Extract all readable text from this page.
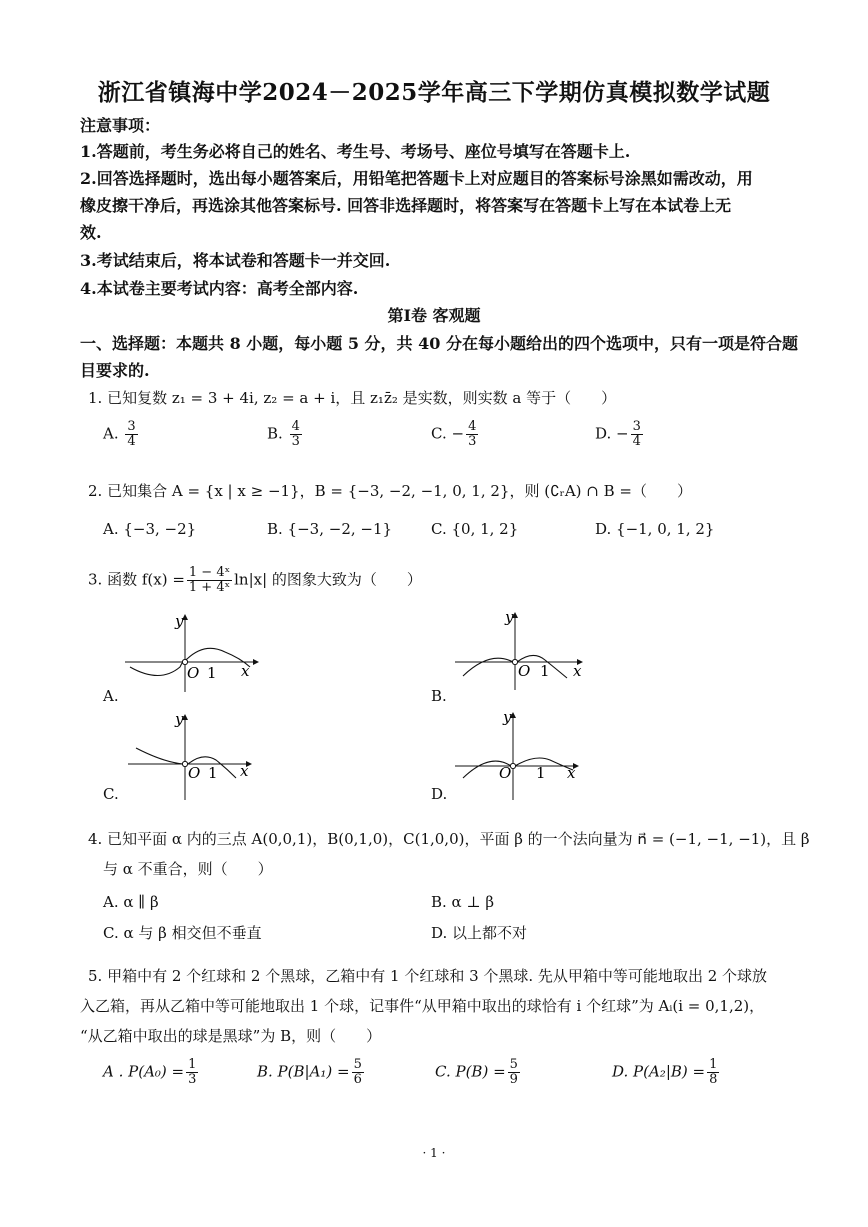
浙江省镇海中学2024－2025学年高三下学期仿真模拟数学试题
注意事项：
1.答题前，考生务必将自己的姓名、考生号、考场号、座位号填写在答题卡上.
2.回答选择题时，选出每小题答案后，用铅笔把答题卡上对应题目的答案标号涂黑如需改动，用
橡皮擦干净后，再选涂其他答案标号. 回答非选择题时，将答案写在答题卡上写在本试卷上无
效.
3.考试结束后，将本试卷和答题卡一并交回.
4.本试卷主要考试内容：高考全部内容.
第Ⅰ卷 客观题
一、选择题：本题共 8 小题，每小题 5 分，共 40 分在每小题给出的四个选项中，只有一项是符合题
目要求的.
1. 已知复数 z₁ = 3 + 4i, z₂ = a + i，且 z₁z̄₂ 是实数，则实数 a 等于（　　）
A. $\frac{3}{4}$	B. $\frac{4}{3}$	C. − $\frac{4}{3}$	D. − $\frac{3}{4}$
2. 已知集合 A = {x | x ≥ −1}，B = {−3, −2, −1, 0, 1, 2}，则 (∁ᵣA) ∩ B =（　　）
A. {−3, −2}	B. {−3, −2, −1}	C. {0, 1, 2}	D. {−1, 0, 1, 2}
3. 函数 $f(x) = \frac{\text{1 − 4ˣ}}{\text{1 + 4ˣ}} \ln|x|$ 的图象大致为（　　）
y
x
O 1
A.
y
x
O 1
B.
y
x
O 1
C.
y
x
O 1
D.
4. 已知平面 α 内的三点 A(0,0,1)，B(0,1,0)，C(1,0,0)，平面 β 的一个法向量为 n⃗ = (−1, −1, −1)，且 β
与 α 不重合，则（　　）
A. α ∥ β	B. α ⊥ β
C. α 与 β 相交但不垂直	D. 以上都不对
5. 甲箱中有 2 个红球和 2 个黑球，乙箱中有 1 个红球和 3 个黑球. 先从甲箱中等可能地取出 2 个球放
入乙箱，再从乙箱中等可能地取出 1 个球，记事件“从甲箱中取出的球恰有 i 个红球”为 Aᵢ(i = 0,1,2)，
“从乙箱中取出的球是黑球”为 B，则（　　）
A . $P(A_0) = \frac{1}{3}$	B. $P(B|A_1) = \frac{5}{6}$	C. $P(B) = \frac{5}{9}$	D. $P(A_2|B) = \frac{1}{8}$
· 1 ·
